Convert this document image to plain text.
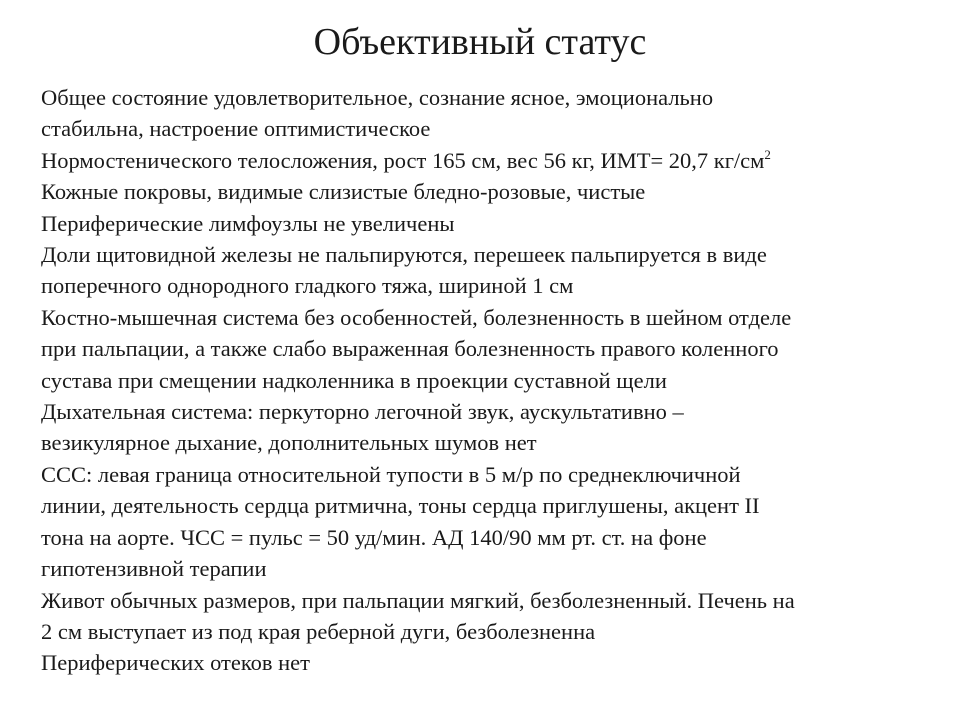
Объективный статус
Общее состояние удовлетворительное, сознание ясное, эмоционально
стабильна, настроение оптимистическое
Нормостенического телосложения, рост 165 см, вес 56 кг, ИМТ= 20,7 $кг/см^2$
Кожные покровы, видимые слизистые бледно-розовые, чистые
Периферические лимфоузлы не увеличены
Доли щитовидной железы не пальпируются, перешеек пальпируется в виде
поперечного однородного гладкого тяжа, шириной 1 см
Костно-мышечная система без особенностей, болезненность в шейном отделе
при пальпации, а также слабо выраженная болезненность правого коленного
сустава при смещении надколенника в проекции суставной щели
Дыхательная система: перкуторно легочной звук, аускультативно –
везикулярное дыхание, дополнительных шумов нет
ССС: левая граница относительной тупости в 5 м/р по среднеключичной
линии, деятельность сердца ритмична, тоны сердца приглушены, акцент II
тона на аорте. ЧСС = пульс = 50 уд/мин. АД 140/90 мм рт. ст. на фоне
гипотензивной терапии
Живот обычных размеров, при пальпации мягкий, безболезненный. Печень на
2 см выступает из под края реберной дуги, безболезненна
Периферических отеков нет
